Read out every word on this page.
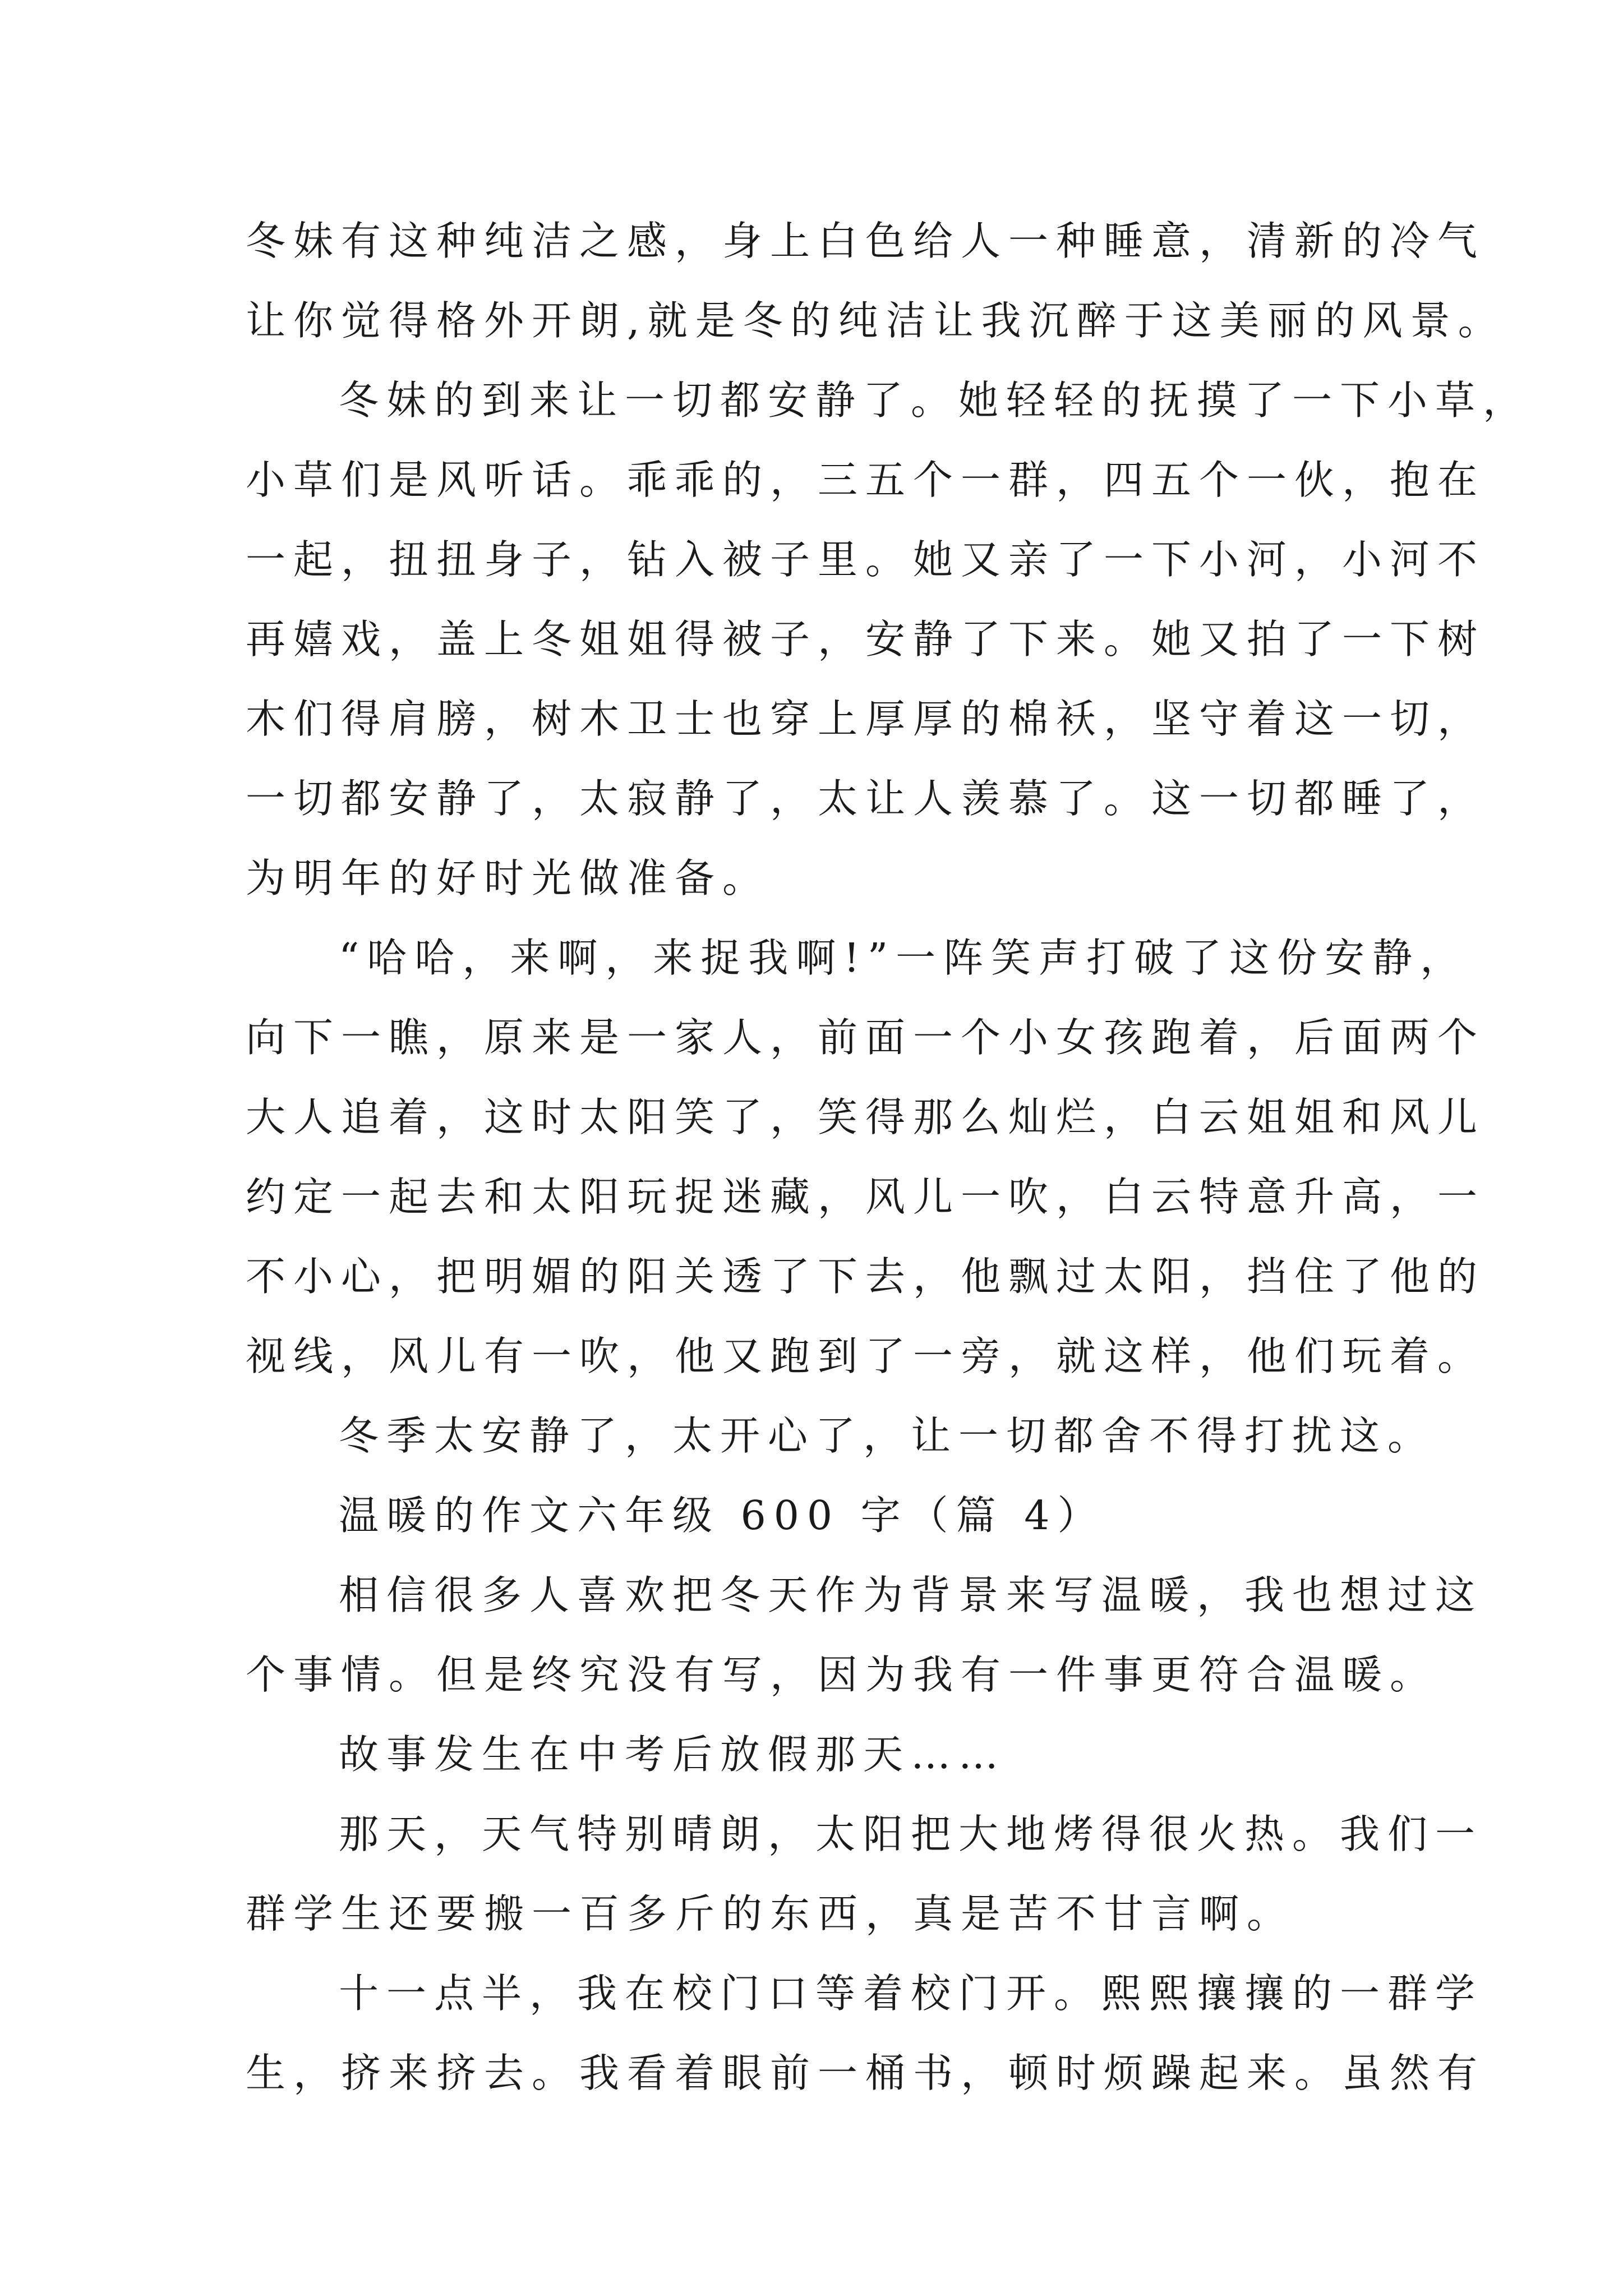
冬妹有这种纯洁之感，身上白色给人一种睡意，清新的冷气
让你觉得格外开朗,就是冬的纯洁让我沉醉于这美丽的风景。
冬妹的到来让一切都安静了。她轻轻的抚摸了一下小草，
小草们是风听话。乖乖的，三五个一群，四五个一伙，抱在
一起，扭扭身子，钻入被子里。她又亲了一下小河，小河不
再嬉戏，盖上冬姐姐得被子，安静了下来。她又拍了一下树
木们得肩膀，树木卫士也穿上厚厚的棉袄，坚守着这一切，
一切都安静了，太寂静了，太让人羡慕了。这一切都睡了，
为明年的好时光做准备。
“哈哈，来啊，来捉我啊!”一阵笑声打破了这份安静，
向下一瞧，原来是一家人，前面一个小女孩跑着，后面两个
大人追着，这时太阳笑了，笑得那么灿烂，白云姐姐和风儿
约定一起去和太阳玩捉迷藏，风儿一吹，白云特意升高，一
不小心，把明媚的阳关透了下去，他飘过太阳，挡住了他的
视线，风儿有一吹，他又跑到了一旁，就这样，他们玩着。
冬季太安静了，太开心了，让一切都舍不得打扰这。
温暖的作文六年级 600 字（篇 4）
相信很多人喜欢把冬天作为背景来写温暖，我也想过这
个事情。但是终究没有写，因为我有一件事更符合温暖。
故事发生在中考后放假那天……
那天，天气特别晴朗，太阳把大地烤得很火热。我们一
群学生还要搬一百多斤的东西，真是苦不甘言啊。
十一点半，我在校门口等着校门开。熙熙攘攘的一群学
生，挤来挤去。我看着眼前一桶书，顿时烦躁起来。虽然有
